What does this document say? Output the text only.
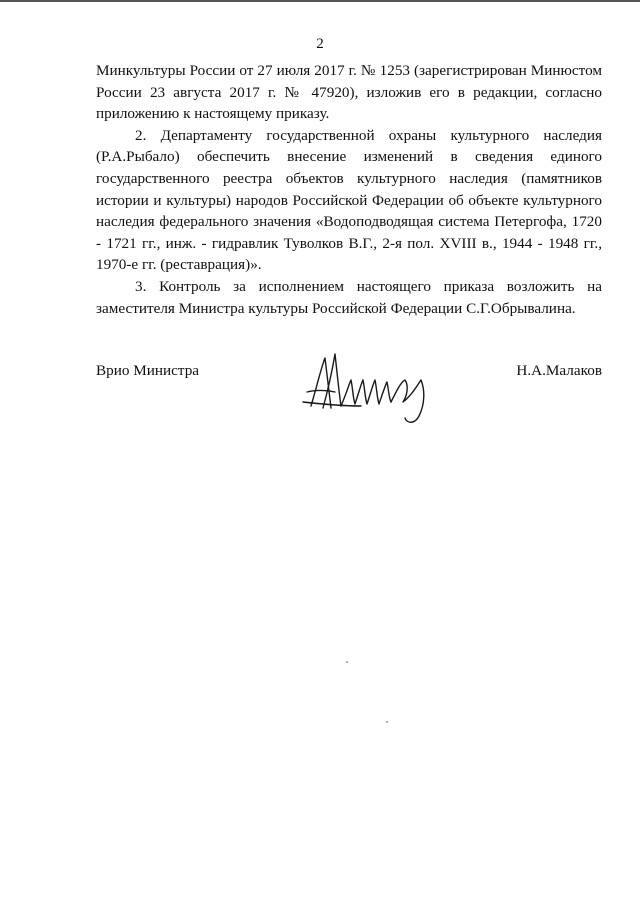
2

Минкультуры России от 27 июля 2017 г. № 1253 (зарегистрирован Минюстом России 23 августа 2017 г. № 47920), изложив его в редакции, согласно приложению к настоящему приказу.

2. Департаменту государственной охраны культурного наследия (Р.А.Рыбало) обеспечить внесение изменений в сведения единого государственного реестра объектов культурного наследия (памятников истории и культуры) народов Российской Федерации об объекте культурного наследия федерального значения «Водоподводящая система Петергофа, 1720 - 1721 гг., инж. - гидравлик Туволков В.Г., 2-я пол. XVIII в., 1944 - 1948 гг., 1970-е гг. (реставрация)».

3. Контроль за исполнением настоящего приказа возложить на заместителя Министра культуры Российской Федерации С.Г.Обрывалина.

Врио Министра	Н.А.Малаков
